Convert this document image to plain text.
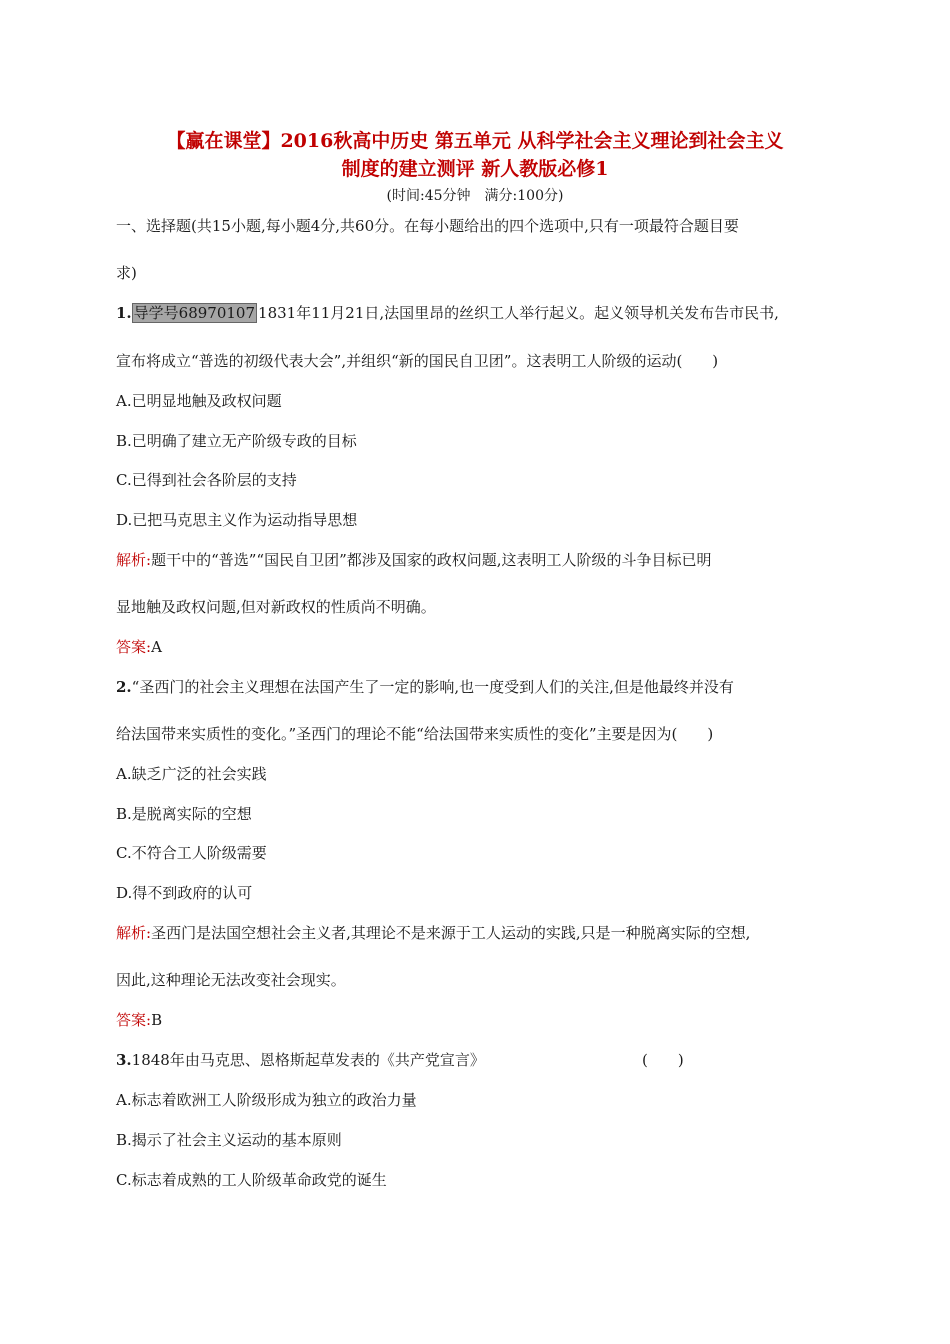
【赢在课堂】2016秋高中历史 第五单元 从科学社会主义理论到社会主义
制度的建立测评 新人教版必修1
(时间:45分钟　满分:100分)
一、选择题(共15小题,每小题4分,共60分。在每小题给出的四个选项中,只有一项最符合题目要
求)
1. 导学号68970107 1831年11月21日,法国里昂的丝织工人举行起义。起义领导机关发布告市民书,
宣布将成立“普选的初级代表大会”,并组织“新的国民自卫团”。这表明工人阶级的运动(　　)
A.已明显地触及政权问题
B.已明确了建立无产阶级专政的目标
C.已得到社会各阶层的支持
D.已把马克思主义作为运动指导思想
解析:题干中的“普选”“国民自卫团”都涉及国家的政权问题,这表明工人阶级的斗争目标已明
显地触及政权问题,但对新政权的性质尚不明确。
答案:A
2.“圣西门的社会主义理想在法国产生了一定的影响,也一度受到人们的关注,但是他最终并没有
给法国带来实质性的变化。”圣西门的理论不能“给法国带来实质性的变化”主要是因为(　　)
A.缺乏广泛的社会实践
B.是脱离实际的空想
C.不符合工人阶级需要
D.得不到政府的认可
解析:圣西门是法国空想社会主义者,其理论不是来源于工人运动的实践,只是一种脱离实际的空想,
因此,这种理论无法改变社会现实。
答案:B
3.1848年由马克思、恩格斯起草发表的《共产党宣言》	(　　)
A.标志着欧洲工人阶级形成为独立的政治力量
B.揭示了社会主义运动的基本原则
C.标志着成熟的工人阶级革命政党的诞生
